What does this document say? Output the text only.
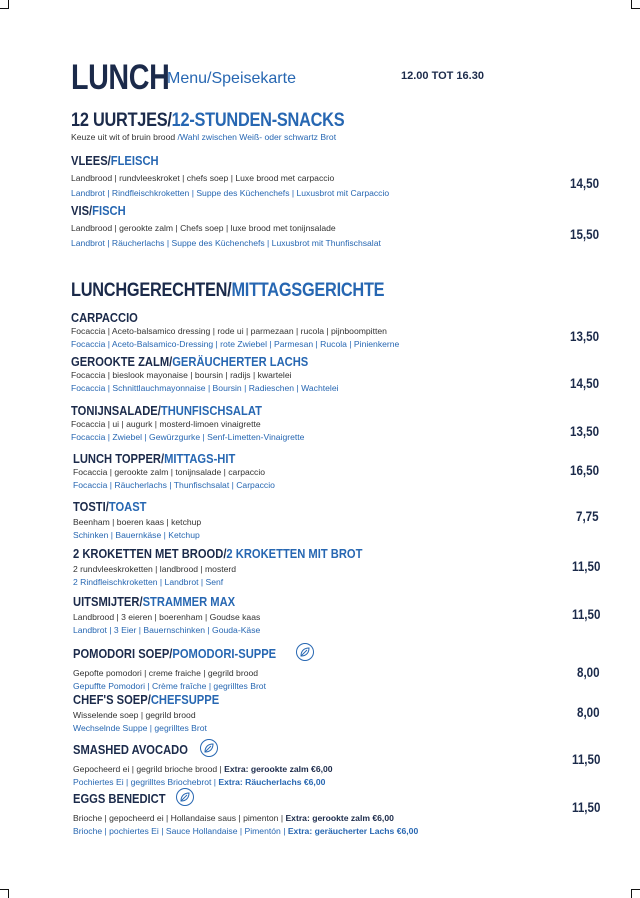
LUNCH
Menu/Speisekarte	12.00 TOT 16.30
12 UURTJES/12-STUNDEN-SNACKS
Keuze uit wit of bruin brood /Wahl zwischen Weiß- oder schwartz Brot
VLEES/FLEISCH
Landbrood | rundvleeskroket | chefs soep | Luxe brood met carpaccio
Landbrot | Rindfleischkroketten | Suppe des Küchenchefs | Luxusbrot mit Carpaccio
14,50
VIS/FISCH
Landbrood | gerookte zalm | Chefs soep | luxe brood met tonijnsalade
Landbrot | Räucherlachs | Suppe des Küchenchefs | Luxusbrot mit Thunfischsalat
15,50
LUNCHGERECHTEN/MITTAGSGERICHTE
CARPACCIO
Focaccia | Aceto-balsamico dressing | rode ui | parmezaan | rucola | pijnboompitten
Focaccia | Aceto-Balsamico-Dressing | rote Zwiebel | Parmesan | Rucola | Pinienkerne	13,50
GEROOKTE ZALM/GERÄUCHERTER LACHS
Focaccia | bieslook mayonaise | boursin | radijs | kwartelei
Focaccia | Schnittlauchmayonnaise | Boursin | Radieschen | Wachtelei	14,50
TONIJNSALADE/THUNFISCHSALAT
Focaccia | ui | augurk | mosterd-limoen vinaigrette
Focaccia | Zwiebel | Gewürzgurke | Senf-Limetten-Vinaigrette	13,50
LUNCH TOPPER/MITTAGS-HIT
Focaccia | gerookte zalm | tonijnsalade | carpaccio
Focaccia | Räucherlachs | Thunfischsalat | Carpaccio
16,50
TOSTI/TOAST
Beenham | boeren kaas | ketchup
Schinken | Bauernkäse | Ketchup
7,75
2 KROKETTEN MET BROOD/2 KROKETTEN MIT BROT
2 rundvleeskroketten | landbrood | mosterd
2 Rindfleischkroketten | Landbrot | Senf
11,50
UITSMIJTER/STRAMMER MAX
Landbrood | 3 eieren | boerenham | Goudse kaas
Landbrot | 3 Eier | Bauernschinken | Gouda-Käse
11,50
POMODORI SOEP/POMODORI-SUPPE
Gepofte pomodori | creme fraiche | gegrild brood
Gepuffte Pomodori | Crème fraîche | gegrilltes Brot
8,00
CHEF'S SOEP/CHEFSUPPE
Wisselende soep | gegrild brood
Wechselnde Suppe | gegrilltes Brot
8,00
SMASHED AVOCADO
Gepocheerd ei | gegrild brioche brood | Extra: gerookte zalm €6,00
Pochiertes Ei | gegrilltes Briochebrot | Extra: Räucherlachs €6,00
11,50
EGGS BENEDICT
Brioche | gepocheerd ei | Hollandaise saus | pimenton | Extra: gerookte zalm €6,00
Brioche | pochiertes Ei | Sauce Hollandaise | Pimentón | Extra: geräucherter Lachs €6,00
11,50
